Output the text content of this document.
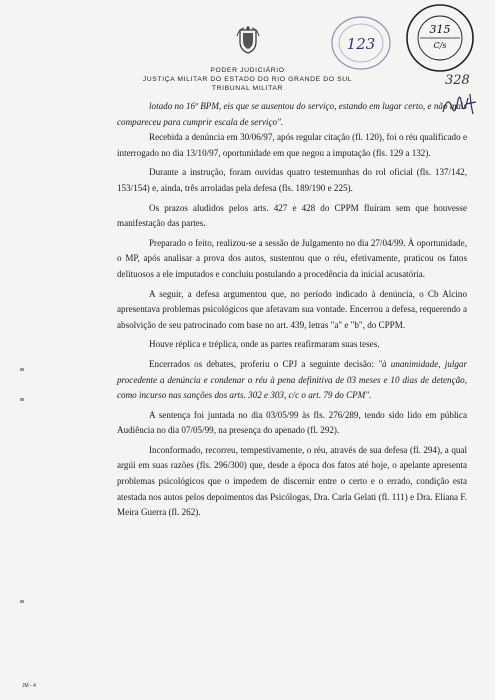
PODER JUDICIÁRIO
JUSTIÇA MILITAR DO ESTADO DO RIO GRANDE DO SUL
TRIBUNAL MILITAR
123
315
C/s
328

lotado no 16º BPM, eis que se ausentou do serviço, estando em lugar certo, e não mais compareceu para cumprir escala de serviço".

Recebida a denúncia em 30/06/97, após regular citação (fl. 120), foi o réu qualificado e interrogado no dia 13/10/97, oportunidade em que negou a imputação (fls. 129 a 132).

Durante a instrução, foram ouvidas quatro testemunhas do rol oficial (fls. 137/142, 153/154) e, ainda, três arroladas pela defesa (fls. 189/190 e 225).

Os prazos aludidos pelos arts. 427 e 428 do CPPM fluíram sem que houvesse manifestação das partes.

Preparado o feito, realizou-se a sessão de Julgamento no dia 27/04/99. À oportunidade, o MP, após analisar a prova dos autos, sustentou que o réu, efetivamente, praticou os fatos delituosos a ele imputados e concluiu postulando a procedência da inicial acusatória.

A seguir, a defesa argumentou que, no período indicado à denúncia, o Cb Alcino apresentava problemas psicológicos que afetavam sua vontade. Encerrou a defesa, requerendo a absolvição de seu patrocinado com base no art. 439, letras "a" e "b", do CPPM.

Houve réplica e tréplica, onde as partes reafirmaram suas teses.

Encerrados os debates, proferiu o CPJ a seguinte decisão: "à unanimidade, julgar procedente a denúncia e condenar o réu à pena definitiva de 03 meses e 10 dias de detenção, como incurso nas sanções dos arts. 302 e 303, c/c o art. 79 do CPM".

A sentença foi juntada no dia 03/05/99 às fls. 276/289, tendo sido lido em pública Audiência no dia 07/05/99, na presença do apenado (fl. 292).

Inconformado, recorreu, tempestivamente, o réu, através de sua defesa (fl. 294), a qual argúi em suas razões (fls. 296/300) que, desde a época dos fatos até hoje, o apelante apresenta problemas psicológicos que o impedem de discernir entre o certo e o errado, condição esta atestada nos autos pelos depoimentos das Psicólogas, Dra. Carla Gelati (fl. 111) e Dra. Eliana F. Meira Guerra (fl. 262).

JM - 4
